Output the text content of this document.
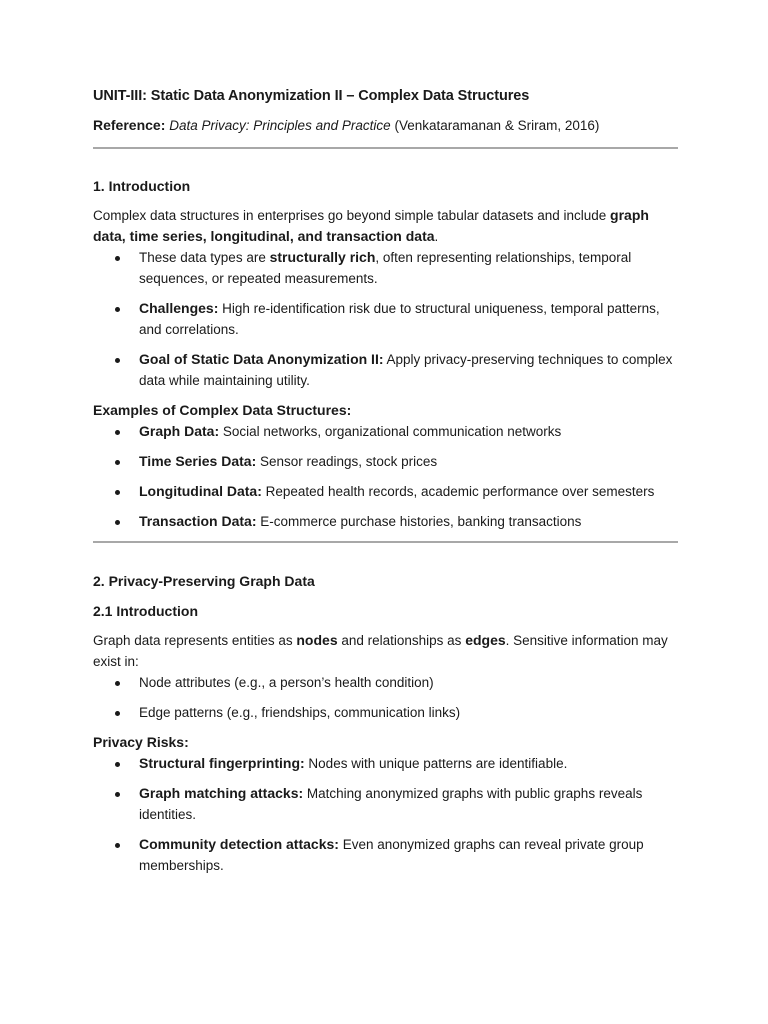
UNIT-III: Static Data Anonymization II – Complex Data Structures

Reference: Data Privacy: Principles and Practice (Venkataramanan & Sriram, 2016)

1. Introduction

Complex data structures in enterprises go beyond simple tabular datasets and include graph data, time series, longitudinal, and transaction data.

These data types are structurally rich, often representing relationships, temporal sequences, or repeated measurements.
Challenges: High re-identification risk due to structural uniqueness, temporal patterns, and correlations.
Goal of Static Data Anonymization II: Apply privacy-preserving techniques to complex data while maintaining utility.

Examples of Complex Data Structures:

Graph Data: Social networks, organizational communication networks
Time Series Data: Sensor readings, stock prices
Longitudinal Data: Repeated health records, academic performance over semesters
Transaction Data: E-commerce purchase histories, banking transactions
2. Privacy-Preserving Graph Data
2.1 Introduction

Graph data represents entities as nodes and relationships as edges. Sensitive information may exist in:

Node attributes (e.g., a person’s health condition)
Edge patterns (e.g., friendships, communication links)

Privacy Risks:

Structural fingerprinting: Nodes with unique patterns are identifiable.
Graph matching attacks: Matching anonymized graphs with public graphs reveals identities.
Community detection attacks: Even anonymized graphs can reveal private group memberships.
